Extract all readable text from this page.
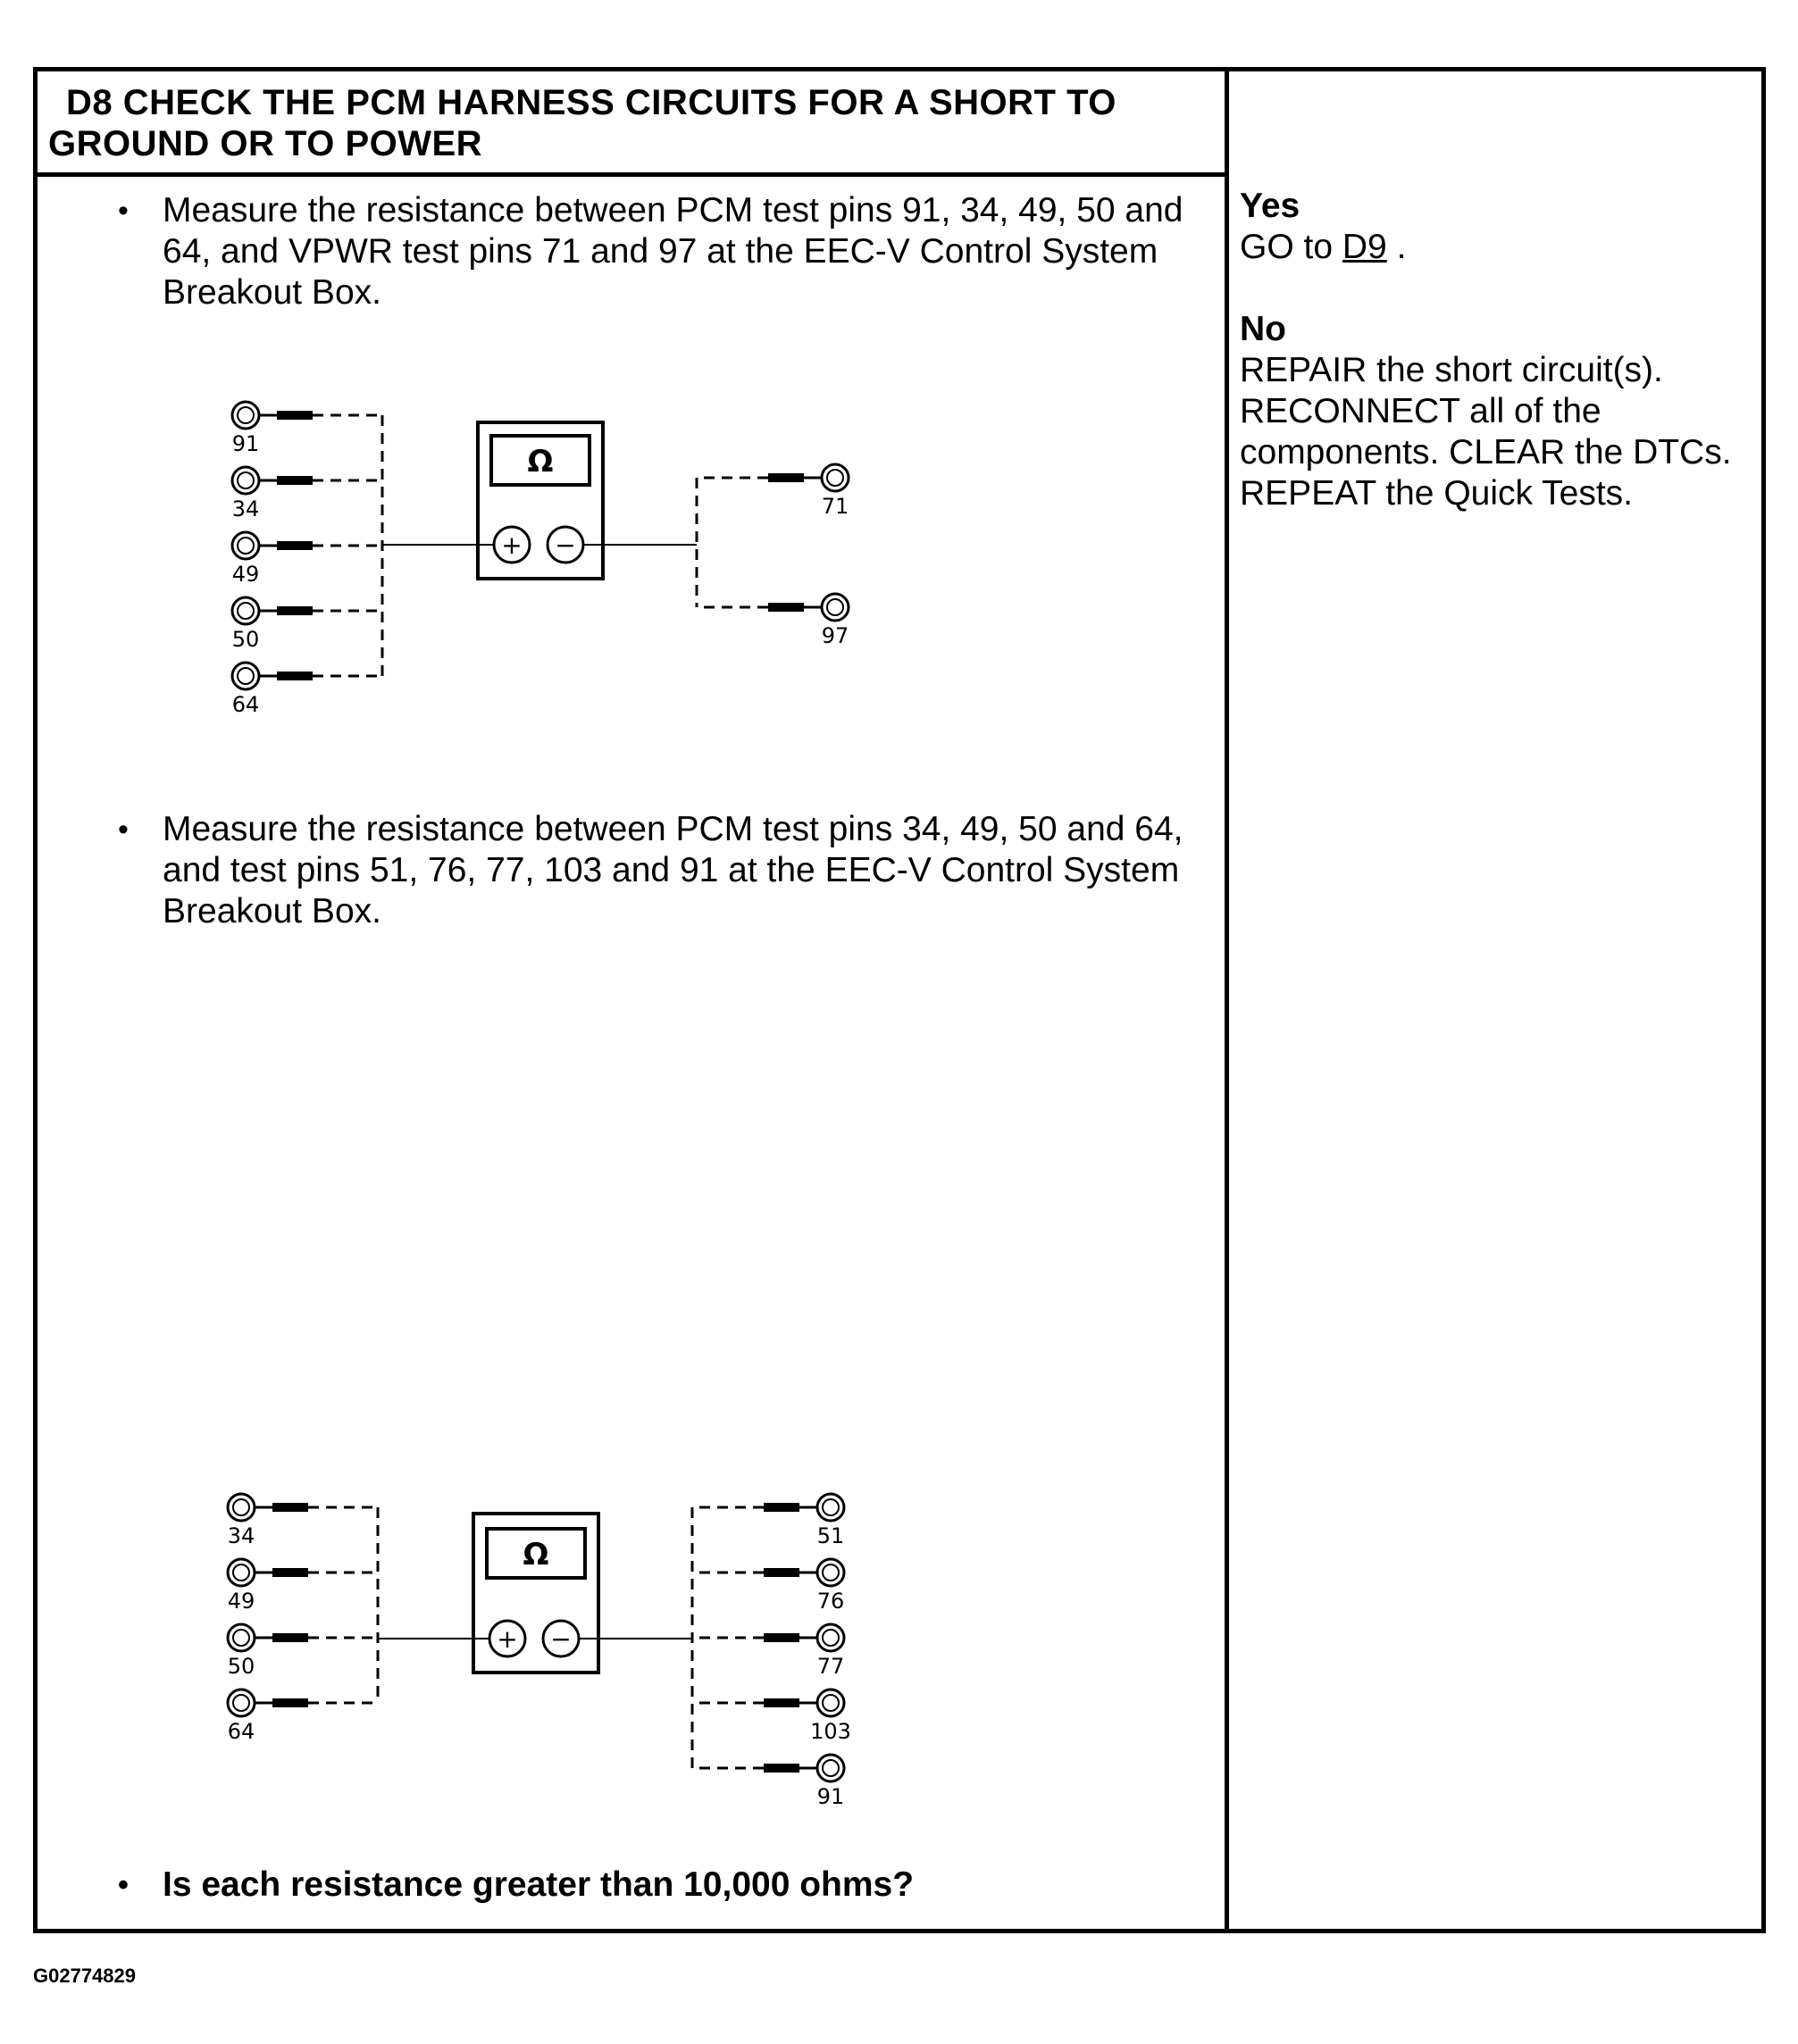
D8 CHECK THE PCM HARNESS CIRCUITS FOR A SHORT TO
GROUND OR TO POWER
• Measure the resistance between PCM test pins 91, 34, 49, 50 and 64, and VPWR test pins 71 and 97 at the EEC-V Control System Breakout Box.
• Measure the resistance between PCM test pins 34, 49, 50 and 64, and test pins 51, 76, 77, 103 and 91 at the EEC-V Control System Breakout Box.
• Is each resistance greater than 10,000 ohms?
Yes
GO to D9 .
No
REPAIR the short circuit(s). RECONNECT all of the components. CLEAR the DTCs. REPEAT the Quick Tests.
91
34
49
50
64
71
97
Ω
+ −
34
49
50
64
51
76
77
103
91
Ω
+ −
G02774829
